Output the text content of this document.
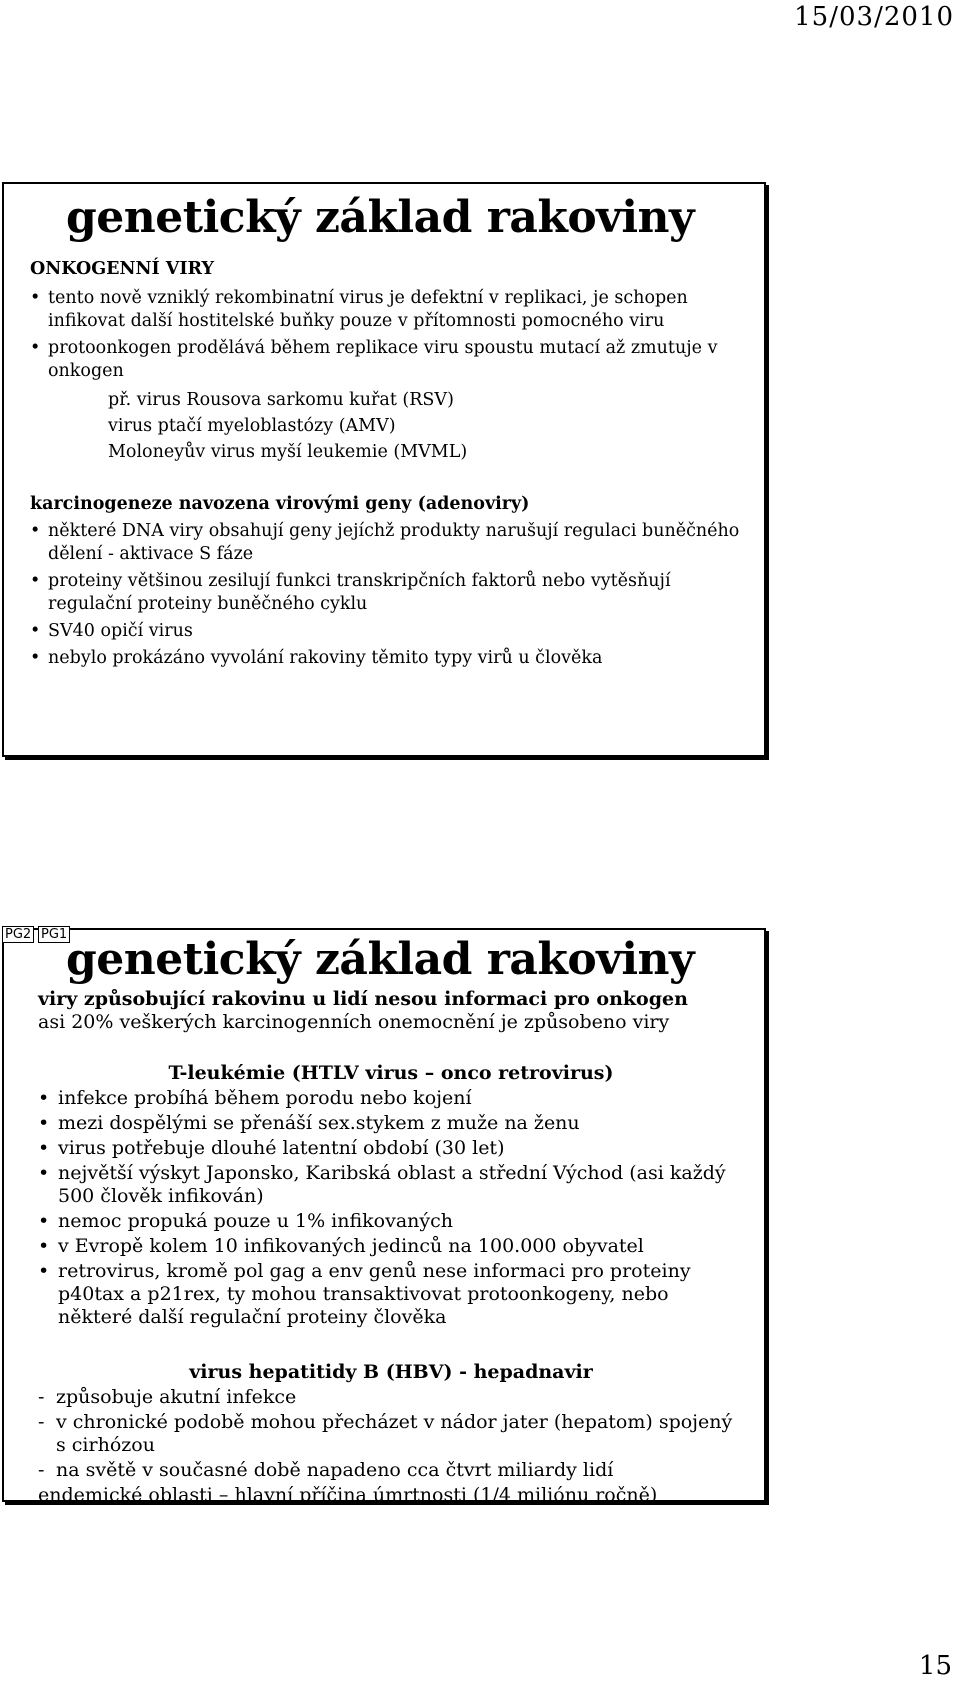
15/03/2010
genetický základ rakoviny
ONKOGENNÍ VIRY
• tento nově vzniklý rekombinatní virus je defektní v replikaci, je schopen infikovat další hostitelské buňky pouze v přítomnosti pomocného viru
• protoonkogen prodělává během replikace viru spoustu mutací až zmutuje v onkogen
př. virus Rousova sarkomu kuřat (RSV)
virus ptačí myeloblastózy (AMV)
Moloneyův virus myší leukemie (MVML)
karcinogeneze navozena virovými geny (adenoviry)
• některé DNA viry obsahují geny jejíchž produkty narušují regulaci buněčného dělení - aktivace S fáze
• proteiny většinou zesilují funkci transkripčních faktorů nebo vytěsňují regulační proteiny buněčného cyklu
• SV40 opičí virus
• nebylo prokázáno vyvolání rakoviny těmito typy virů u člověka
PG2 PG1
genetický základ rakoviny
viry způsobující rakovinu u lidí nesou informaci pro onkogen
asi 20% veškerých karcinogenních onemocnění je způsobeno viry
T-leukémie (HTLV virus – onco retrovirus)
• infekce probíhá během porodu nebo kojení
• mezi dospělými se přenáší sex.stykem z muže na ženu
• virus potřebuje dlouhé latentní období (30 let)
• největší výskyt Japonsko, Karibská oblast a střední Východ (asi každý 500 člověk infikován)
• nemoc propuká pouze u 1% infikovaných
• v Evropě kolem 10 infikovaných jedinců na 100.000 obyvatel
• retrovirus, kromě pol gag a env genů nese informaci pro proteiny p40tax a p21rex, ty mohou transaktivovat protoonkogeny, nebo některé další regulační proteiny člověka
virus hepatitidy B (HBV) - hepadnavir
- způsobuje akutní infekce
- v chronické podobě mohou přecházet v nádor jater (hepatom) spojený s cirhózou
- na světě v současné době napadeno cca čtvrt miliardy lidí
endemické oblasti – hlavní příčina úmrtnosti (1/4 miliónu ročně)
15
